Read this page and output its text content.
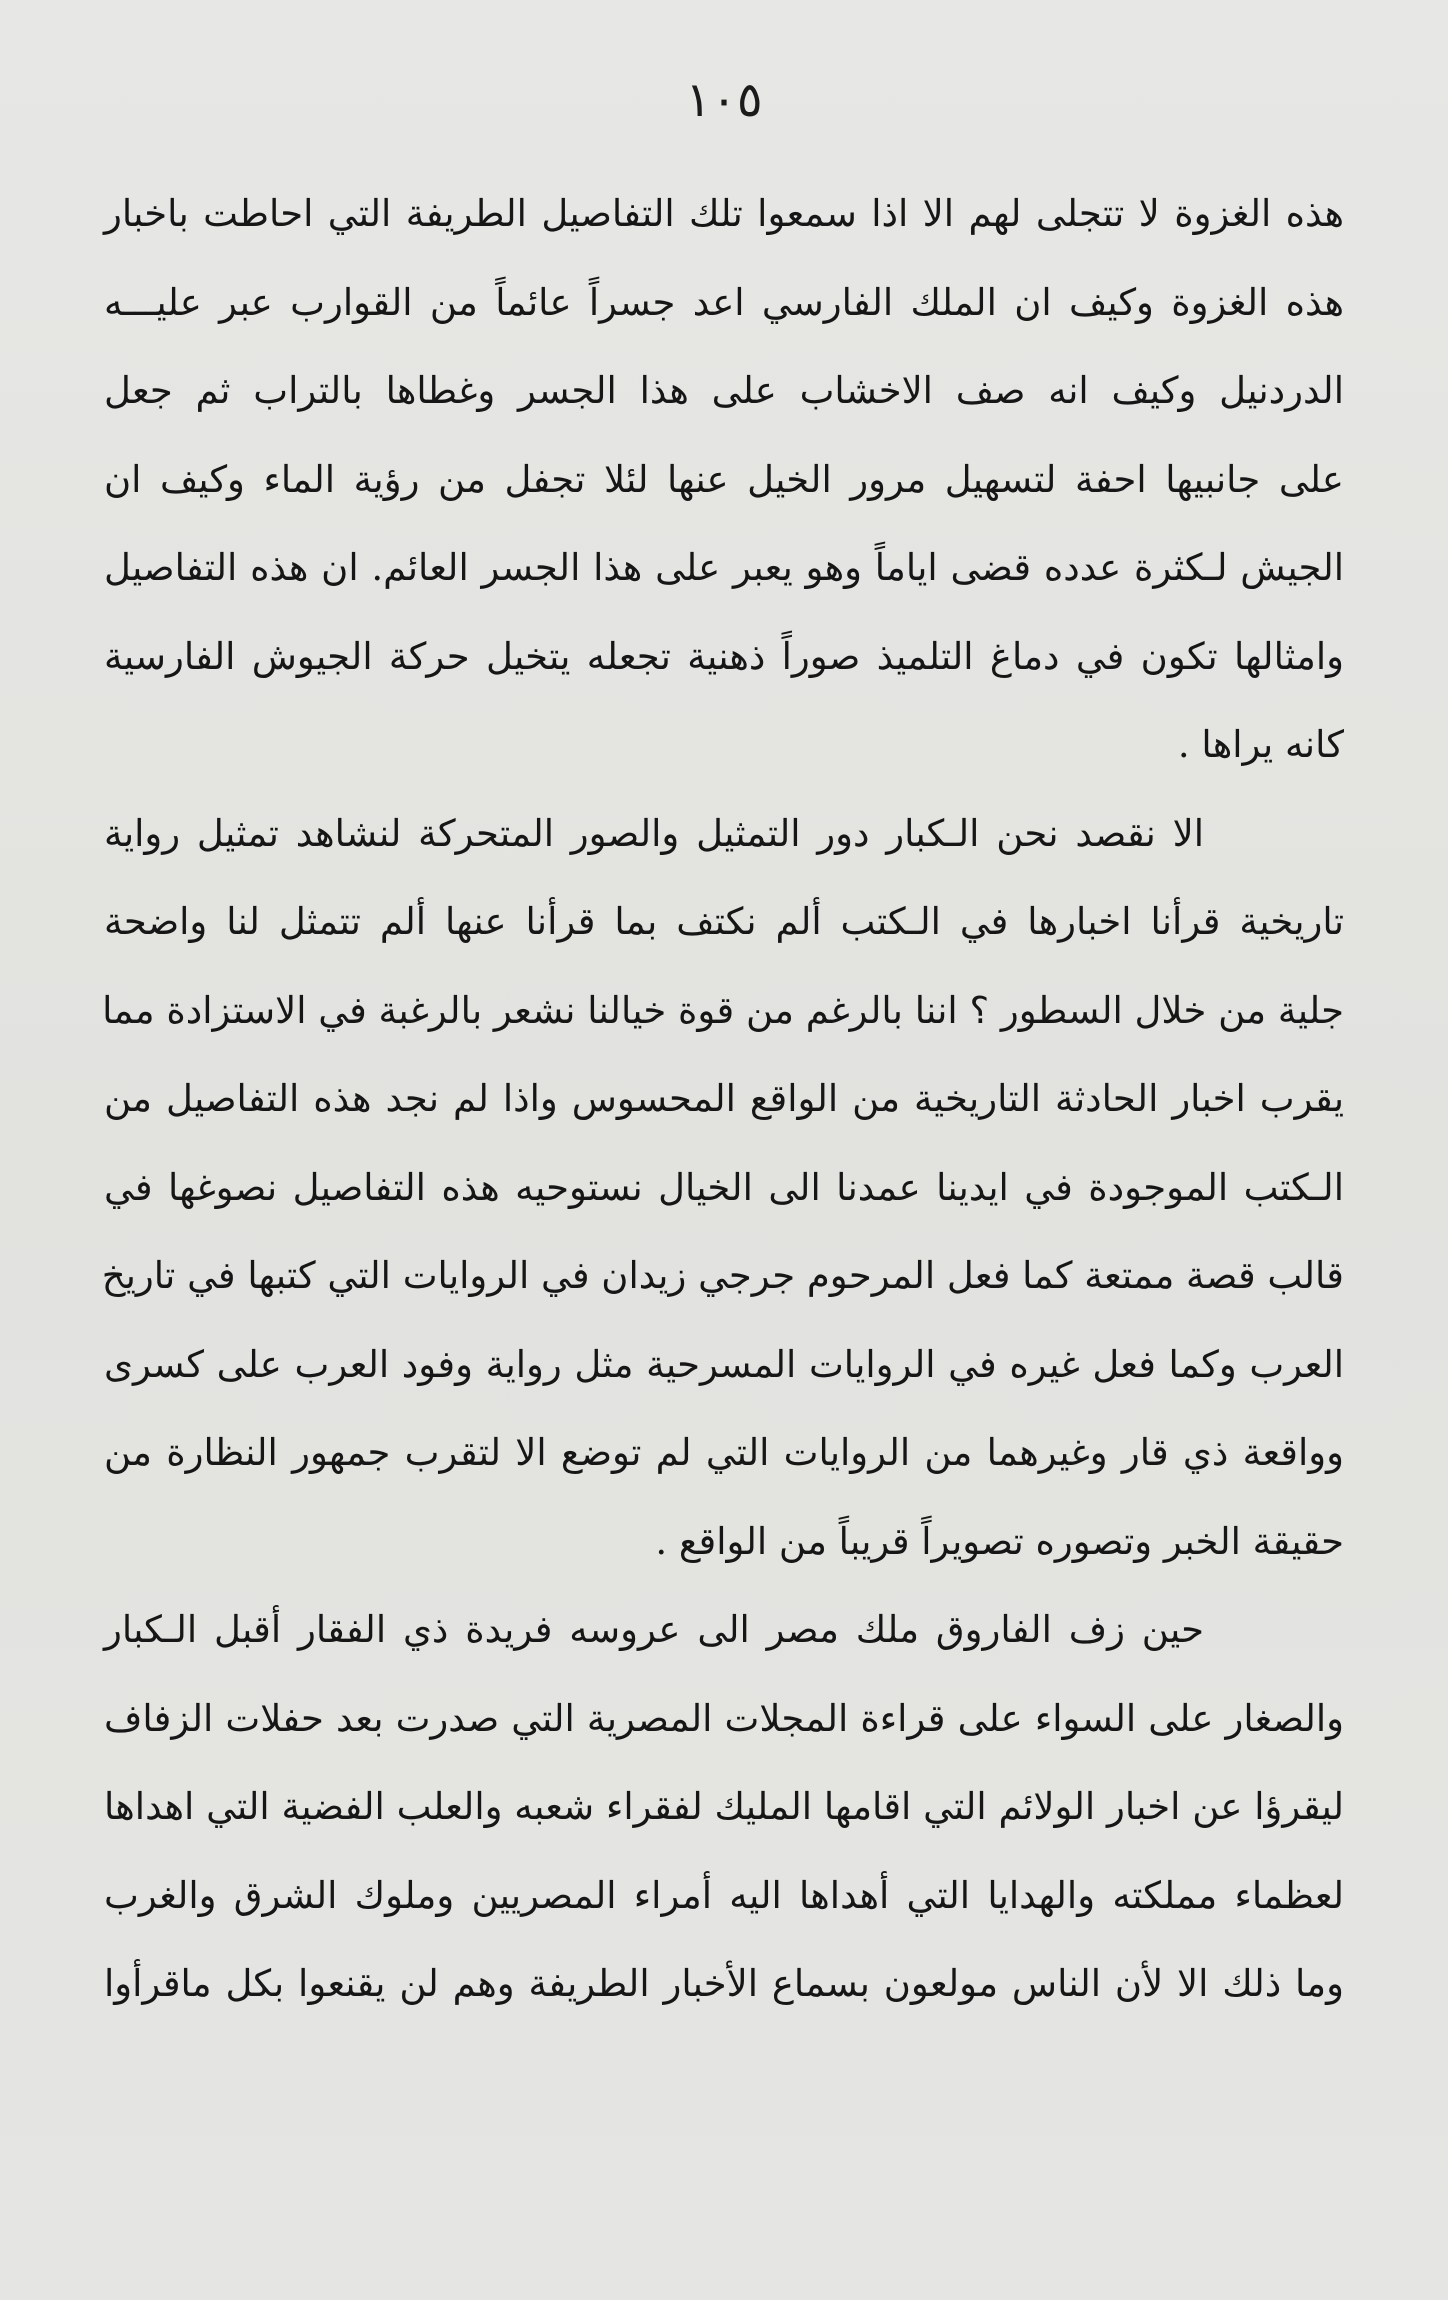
١٠٥
هذه الغزوة لا تتجلى لهم الا اذا سمعوا تلك التفاصيل الطريفة التي احاطت باخبار
هذه الغزوة وكيف ان الملك الفارسي اعد جسراً عائماً من القوارب عبر عليـــه
الدردنيل وكيف انه صف الاخشاب على هذا الجسر وغطاها بالتراب ثم جعل
على جانبيها احفة لتسهيل مرور الخيل عنها لئلا تجفل من رؤية الماء وكيف ان
الجيش لـكثرة عدده قضى اياماً وهو يعبر على هذا الجسر العائم. ان هذه التفاصيل
وامثالها تكون في دماغ التلميذ صوراً ذهنية تجعله يتخيل حركة الجيوش الفارسية
كانه يراها .
الا نقصد نحن الـكبار دور التمثيل والصور المتحركة لنشاهد تمثيل رواية
تاريخية قرأنا اخبارها في الـكتب ألم نكتف بما قرأنا عنها ألم تتمثل لنا واضحة
جلية من خلال السطور ؟ اننا بالرغم من قوة خيالنا نشعر بالرغبة في الاستزادة مما
يقرب اخبار الحادثة التاريخية من الواقع المحسوس واذا لم نجد هذه التفاصيل من
الـكتب الموجودة في ايدينا عمدنا الى الخيال نستوحيه هذه التفاصيل نصوغها في
قالب قصة ممتعة كما فعل المرحوم جرجي زيدان في الروايات التي كتبها في تاريخ
العرب وكما فعل غيره في الروايات المسرحية مثل رواية وفود العرب على كسرى
وواقعة ذي قار وغيرهما من الروايات التي لم توضع الا لتقرب جمهور النظارة من
حقيقة الخبر وتصوره تصويراً قريباً من الواقع .
حين زف الفاروق ملك مصر الى عروسه فريدة ذي الفقار أقبل الـكبار
والصغار على السواء على قراءة المجلات المصرية التي صدرت بعد حفلات الزفاف
ليقرؤا عن اخبار الولائم التي اقامها المليك لفقراء شعبه والعلب الفضية التي اهداها
لعظماء مملكته والهدايا التي أهداها اليه أمراء المصريين وملوك الشرق والغرب
وما ذلك الا لأن الناس مولعون بسماع الأخبار الطريفة وهم لن يقنعوا بكل ماقرأوا
